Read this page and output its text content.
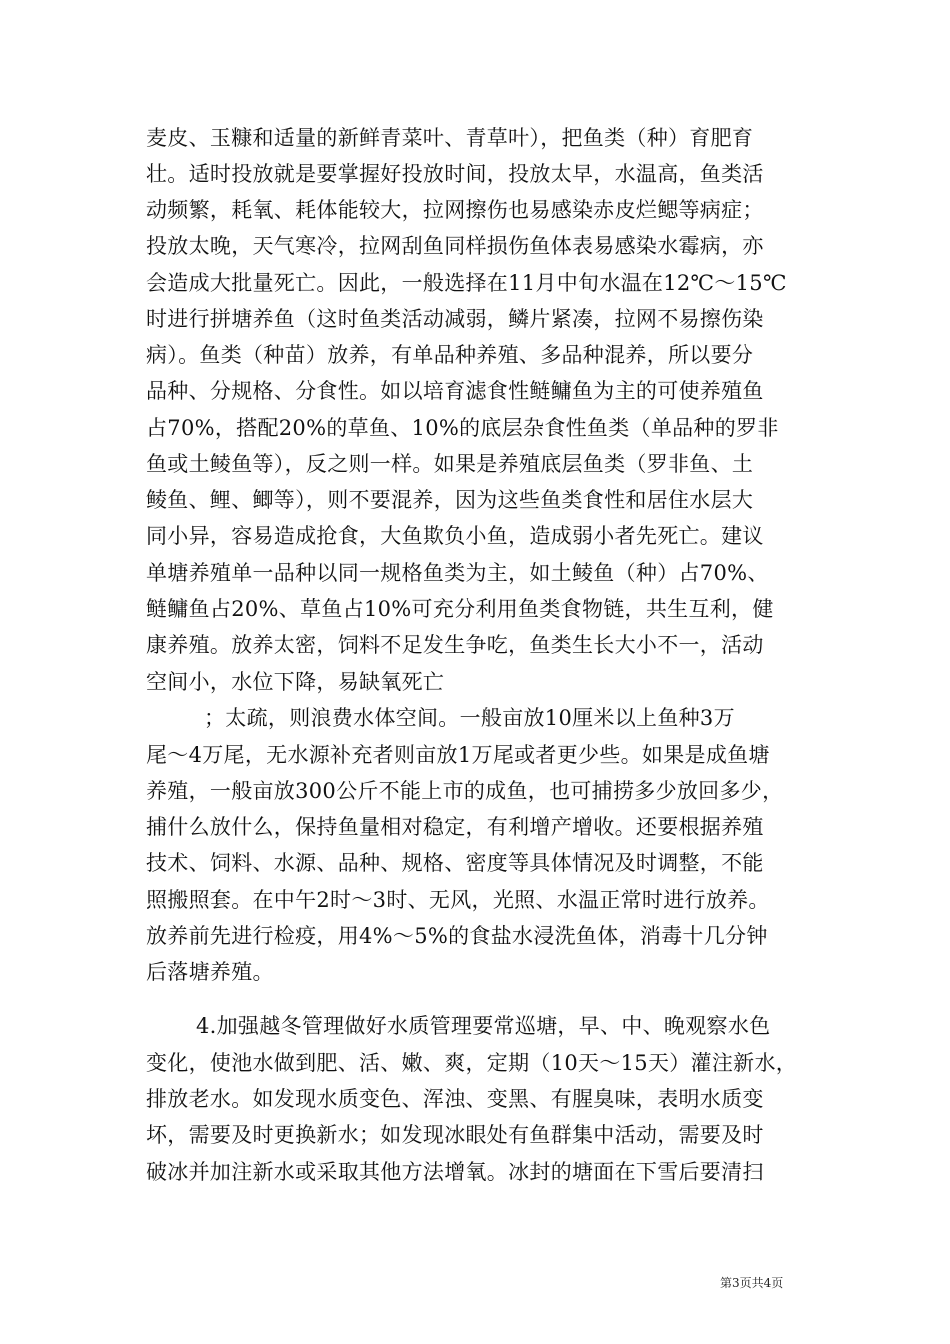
麦皮、玉糠和适量的新鲜青菜叶、青草叶），把鱼类（种）育肥育
壮。适时投放就是要掌握好投放时间，投放太早，水温高，鱼类活
动频繁，耗氧、耗体能较大，拉网擦伤也易感染赤皮烂鳃等病症；
投放太晚，天气寒冷，拉网刮鱼同样损伤鱼体表易感染水霉病，亦
会造成大批量死亡。因此，一般选择在11月中旬水温在12℃～15℃
时进行拼塘养鱼（这时鱼类活动减弱，鳞片紧凑，拉网不易擦伤染
病）。鱼类（种苗）放养，有单品种养殖、多品种混养，所以要分
品种、分规格、分食性。如以培育滤食性鲢鳙鱼为主的可使养殖鱼
占70%，搭配20%的草鱼、10%的底层杂食性鱼类（单品种的罗非
鱼或土鲮鱼等），反之则一样。如果是养殖底层鱼类（罗非鱼、土
鲮鱼、鲤、鲫等），则不要混养，因为这些鱼类食性和居住水层大
同小异，容易造成抢食，大鱼欺负小鱼，造成弱小者先死亡。建议
单塘养殖单一品种以同一规格鱼类为主，如土鲮鱼（种）占70%、
鲢鳙鱼占20%、草鱼占10%可充分利用鱼类食物链，共生互利，健
康养殖。放养太密，饲料不足发生争吃，鱼类生长大小不一，活动
空间小，水位下降，易缺氧死亡
；太疏，则浪费水体空间。一般亩放10厘米以上鱼种3万
尾～4万尾，无水源补充者则亩放1万尾或者更少些。如果是成鱼塘
养殖，一般亩放300公斤不能上市的成鱼，也可捕捞多少放回多少，
捕什么放什么，保持鱼量相对稳定，有利增产增收。还要根据养殖
技术、饲料、水源、品种、规格、密度等具体情况及时调整，不能
照搬照套。在中午2时～3时、无风，光照、水温正常时进行放养。
放养前先进行检疫，用4%～5%的食盐水浸洗鱼体，消毒十几分钟
后落塘养殖。
4.加强越冬管理做好水质管理要常巡塘，早、中、晚观察水色
变化，使池水做到肥、活、嫩、爽，定期（10天～15天）灌注新水，
排放老水。如发现水质变色、浑浊、变黑、有腥臭味，表明水质变
坏，需要及时更换新水；如发现冰眼处有鱼群集中活动，需要及时
破冰并加注新水或采取其他方法增氧。冰封的塘面在下雪后要清扫
第3页共4页
